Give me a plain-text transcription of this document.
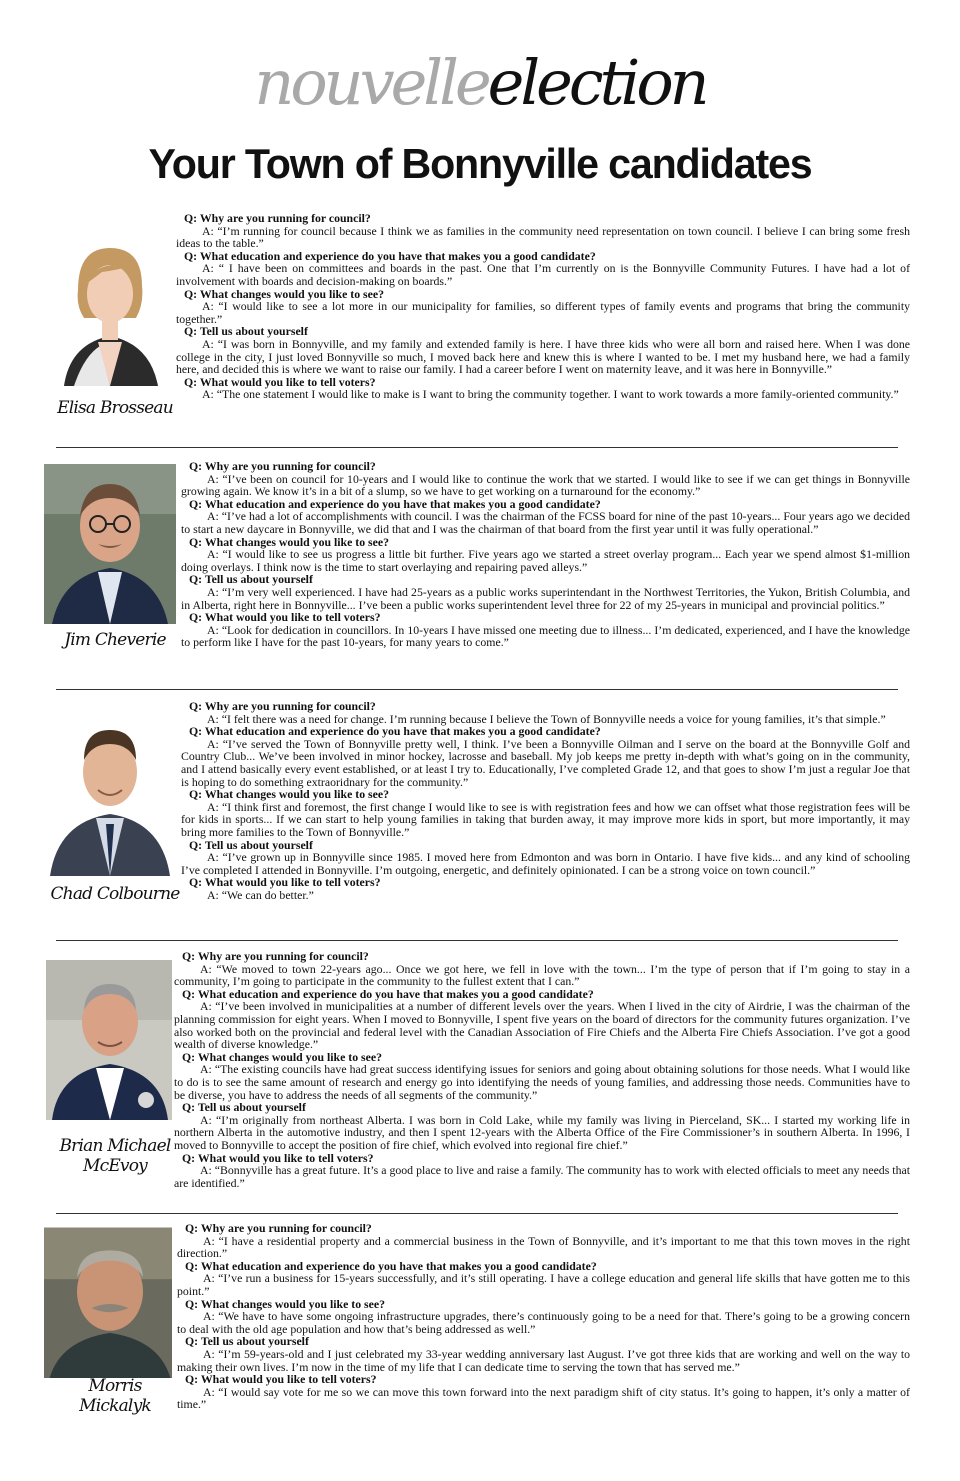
nouvelleelection
Your Town of Bonnyville candidates
Elisa Brosseau
Q: Why are you running for council?
A: “I’m running for council because I think we as families in the community need representation on town council. I believe I can bring some fresh ideas to the table.”
Q: What education and experience do you have that makes you a good candidate?
A: “ I have been on committees and boards in the past. One that I’m currently on is the Bonnyville Community Futures. I have had a lot of involvement with boards and decision-making on boards.”
Q: What changes would you like to see?
A: “I would like to see a lot more in our municipality for families, so different types of family events and programs that bring the community together.”
Q: Tell us about yourself
A: “I was born in Bonnyville, and my family and extended family is here. I have three kids who were all born and raised here. When I was done college in the city, I just loved Bonnyville so much, I moved back here and knew this is where I wanted to be. I met my husband here, we had a family here, and decided this is where we want to raise our family. I had a career before I went on maternity leave, and it was here in Bonnyville.”
Q: What would you like to tell voters?
A: “The one statement I would like to make is I want to bring the community together. I want to work towards a more family-oriented community.”
Jim Cheverie
Q: Why are you running for council?
A: “I’ve been on council for 10-years and I would like to continue the work that we started. I would like to see if we can get things in Bonnyville growing again. We know it’s in a bit of a slump, so we have to get working on a turnaround for the economy.”
Q: What education and experience do you have that makes you a good candidate?
A: “I’ve had a lot of accomplishments with council. I was the chairman of the FCSS board for nine of the past 10-years... Four years ago we decided to start a new daycare in Bonnyville, we did that and I was the chairman of that board from the first year until it was fully operational.”
Q: What changes would you like to see?
A: “I would like to see us progress a little bit further. Five years ago we started a street overlay program... Each year we spend almost $1-million doing overlays. I think now is the time to start overlaying and repairing paved alleys.”
Q: Tell us about yourself
A: “I’m very well experienced. I have had 25-years as a public works superintendant in the Northwest Territories, the Yukon, British Columbia, and in Alberta, right here in Bonnyville... I’ve been a public works superintendent level three for 22 of my 25-years in municipal and provincial politics.”
Q: What would you like to tell voters?
A: “Look for dedication in councillors. In 10-years I have missed one meeting due to illness... I’m dedicated, experienced, and I have the knowledge to perform like I have for the past 10-years, for many years to come.”
Chad Colbourne
Q: Why are you running for council?
A: “I felt there was a need for change. I’m running because I believe the Town of Bonnyville needs a voice for young families, it’s that simple.”
Q: What education and experience do you have that makes you a good candidate?
A: “I’ve served the Town of Bonnyville pretty well, I think. I’ve been a Bonnyville Oilman and I serve on the board at the Bonnyville Golf and Country Club... We’ve been involved in minor hockey, lacrosse and baseball. My job keeps me pretty in-depth with what’s going on in the community, and I attend basically every event established, or at least I try to. Educationally, I’ve completed Grade 12, and that goes to show I’m just a regular Joe that is hoping to do something extraoridnary for the community.”
Q: What changes would you like to see?
A: “I think first and foremost, the first change I would like to see is with registration fees and how we can offset what those registration fees will be for kids in sports... If we can start to help young families in taking that burden away, it may improve more kids in sport, but more importantly, it may bring more families to the Town of Bonnyville.”
Q: Tell us about yourself
A: “I’ve grown up in Bonnyville since 1985. I moved here from Edmonton and was born in Ontario. I have five kids... and any kind of schooling I’ve completed I attended in Bonnyville. I’m outgoing, energetic, and definitely opinionated. I can be a strong voice on town council.”
Q: What would you like to tell voters?
A: “We can do better.”
Brian Michael
McEvoy
Q: Why are you running for council?
A: “We moved to town 22-years ago... Once we got here, we fell in love with the town... I’m the type of person that if I’m going to stay in a community, I’m going to participate in the community to the fullest extent that I can.”
Q: What education and experience do you have that makes you a good candidate?
A: “I’ve been involved in municipalities at a number of different levels over the years. When I lived in the city of Airdrie, I was the chairman of the planning commission for eight years. When I moved to Bonnyville, I spent five years on the board of directors for the community futures organization. I’ve also worked both on the provincial and federal level with the Canadian Association of Fire Chiefs and the Alberta Fire Chiefs Association. I’ve got a good wealth of diverse knowledge.”
Q: What changes would you like to see?
A: “The existing councils have had great success identifying issues for seniors and going about obtaining solutions for those needs. What I would like to do is to see the same amount of research and energy go into identifying the needs of young families, and addressing those needs. Communities have to be diverse, you have to address the needs of all segments of the community.”
Q: Tell us about yourself
A: “I’m originally from northeast Alberta. I was born in Cold Lake, while my family was living in Pierceland, SK... I started my working life in northern Alberta in the automotive industry, and then I spent 12-years with the Alberta Office of the Fire Commissioner’s in southern Alberta. In 1996, I moved to Bonnyville to accept the position of fire chief, which evolved into regional fire chief.”
Q: What would you like to tell voters?
A: “Bonnyville has a great future. It’s a good place to live and raise a family. The community has to work with elected officials to meet any needs that are identified.”
Morris
Mickalyk
Q: Why are you running for council?
A: “I have a residential property and a commercial business in the Town of Bonnyville, and it’s important to me that this town moves in the right direction.”
Q: What education and experience do you have that makes you a good candidate?
A: “I’ve run a business for 15-years successfully, and it’s still operating. I have a college education and general life skills that have gotten me to this point.”
Q: What changes would you like to see?
A: “We have to have some ongoing infrastructure upgrades, there’s continuously going to be a need for that. There’s going to be a growing concern to deal with the old age population and how that’s being addressed as well.”
Q: Tell us about yourself
A: “I’m 59-years-old and I just celebrated my 33-year wedding anniversary last August. I’ve got three kids that are working and well on the way to making their own lives. I’m now in the time of my life that I can dedicate time to serving the town that has served me.”
Q: What would you like to tell voters?
A: “I would say vote for me so we can move this town forward into the next paradigm shift of city status. It’s going to happen, it’s only a matter of time.”
